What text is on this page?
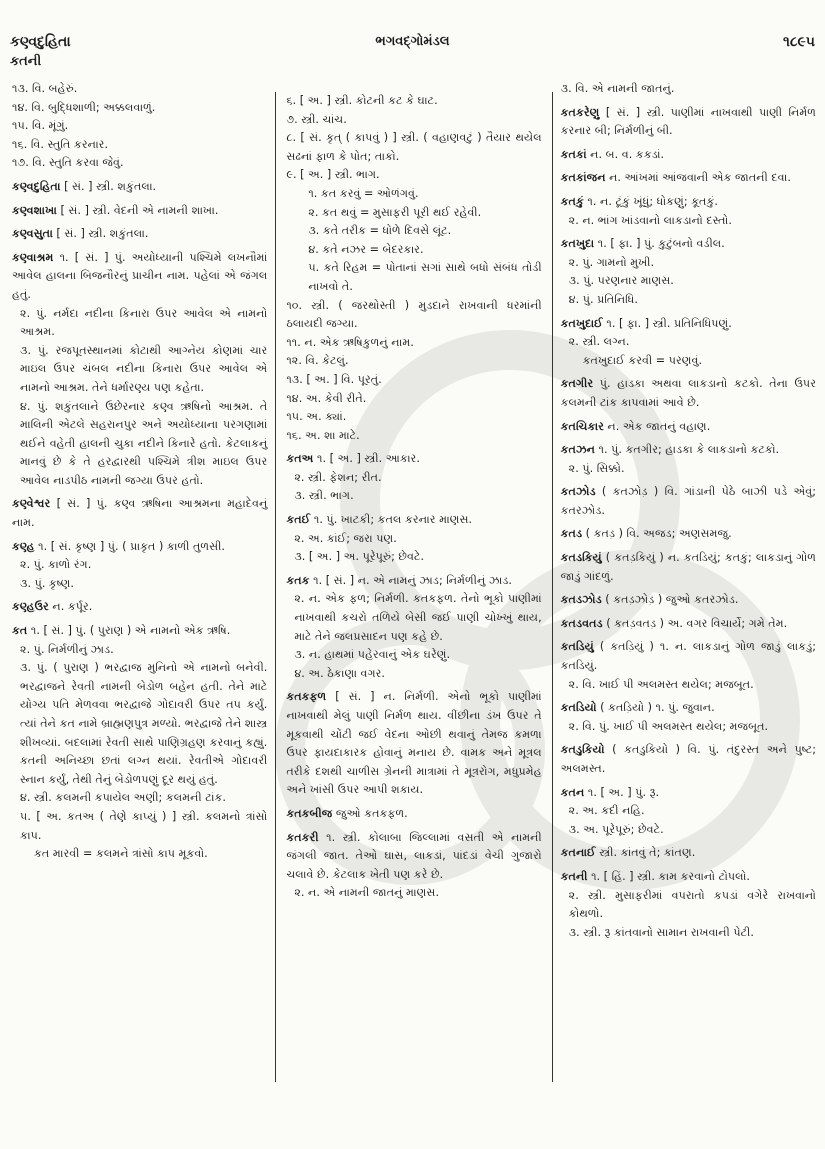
કણ્વદુહિતા	ભગવદ્ગોમંડલ	૧૮૯૫
કતની
૧૩. વિ. બહેરું.
૧૪. વિ. બુદ્ધિશાળી; અક્કલવાળું.
૧૫. વિ. મૂંગું.
૧૬. વિ. સ્તુતિ કરનાર.
૧૭. વિ. સ્તુતિ કરવા જેવું.
કણ્વદુહિતા [ સં. ] સ્ત્રી. શકુંતલા.
કણ્વશાખા [ સં. ] સ્ત્રી. વેદની એ નામની શાખા.
કણ્વસુતા [ સં. ] સ્ત્રી. શકુંતલા.
કણ્વાશ્રમ ૧. [ સં. ] પું. અયોધ્યાની પશ્ચિમે લખનૌમાં આવેલ હાલના બિજનૌરનું પ્રાચીન નામ. પહેલાં એ જંગલ હતું.
૨. પું. નર્મદા નદીના કિનારા ઉપર આવેલ એ નામનો આશ્રમ.
૩. પું. રજપૂતસ્થાનમાં કોટાથી આગ્નેય કોણમાં ચાર માઇલ ઉપર ચંબલ નદીના કિનારા ઉપર આવેલ એ નામનો આશ્રમ. તેને ધર્મારણ્ય પણ કહેતા.
૪. પું. શકુંતલાને ઉછેરનાર કણ્વ ઋષિનો આશ્રમ. તે માલિની એટલે સહરાનપુર અને અયોધ્યાના પરગણામાં થઈને વહેતી હાલની ચુકા નદીને કિનારે હતો. કેટલાકનું માનવું છે કે તે હરદ્વારથી પશ્ચિમે ત્રીશ માઇલ ઉપર આવેલ નાડપીઠ નામની જગ્યા ઉપર હતો.
કણ્વેશ્વર [ સં. ] પું. કણ્વ ઋષિના આશ્રમના મહાદેવનું નામ.
કણ્હ ૧. [ સં. કૃષ્ણ ] પું. ( પ્રાકૃત ) કાળી તુળસી.
૨. પું. કાળો રંગ.
૩. પું. કૃષ્ણ.
કણ્હઉર ન. કર્પૂર.
કત ૧. [ સં. ] પું. ( પુરાણ ) એ નામનો એક ઋષિ.
૨. પું. નિર્મળીનું ઝાડ.
૩. પું. ( પુરાણ ) ભરદ્વાજ મુનિનો એ નામનો બનેવી. ભરદ્વાજને રેવતી નામની બેડોળ બહેન હતી. તેને માટે યોગ્ય પતિ મેળવવા ભરદ્વાજે ગોદાવરી ઉપર તપ કર્યું. ત્યાં તેને કત નામે બ્રાહ્મણપુત્ર મળ્યો. ભરદ્વાજે તેને શાસ્ત્ર શીખવ્યાં. બદલામાં રેવતી સાથે પાણિગ્રહણ કરવાનું કહ્યું. કતની અનિચ્છા છતાં લગ્ન થયાં. રેવતીએ ગોદાવરી સ્નાન કર્યું, તેથી તેનું બેડોળપણું દૂર થયું હતું.
૪. સ્ત્રી. કલમની કપાયેલ અણી; કલમની ટાંક.
૫. [ અ. કતઅ ( તેણે કાપ્યું ) ] સ્ત્રી. કલમનો ત્રાંસો કાપ.
કત મારવી = કલમને ત્રાંસો કાપ મૂકવો.
૬. [ અ. ] સ્ત્રી. કોટની કટ કે ઘાટ.
૭. સ્ત્રી. ચાંચ.
૮. [ સં. કૃત્ ( કાપવું ) ] સ્ત્રી. ( વહાણવટું ) તૈયાર થયેલ સઢનાં ફાળ કે પોત; તાકો.
૯. [ અ. ] સ્ત્રી. ભાગ.
૧. કત કરવું = ઓળંગવું.
૨. કત થવું = મુસાફરી પૂરી થઈ રહેવી.
૩. કતે તરીક = ધોળે દિવસે લૂંટ.
૪. કતે નઝર = બેદરકાર.
૫. કતે રિહમ = પોતાનાં સગાં સાથે બધો સંબંધ તોડી નાખવો તે.
૧૦. સ્ત્રી. ( જરથોસ્તી ) મુડદાને રાખવાની ધરમાંની ઠલાયદી જગ્યા.
૧૧. ન. એક ઋષિકુળનું નામ.
૧૨. વિ. કેટલું.
૧૩. [ અ. ] વિ. પૂરતું.
૧૪. અ. કેવી રીતે.
૧૫. અ. ક્યાં.
૧૬. અ. શા માટે.
કતઅ ૧. [ અ. ] સ્ત્રી. આકાર.
૨. સ્ત્રી. ફેશન; રીત.
૩. સ્ત્રી. ભાગ.
કતઈ ૧. પું. ખાટકી; કતલ કરનાર માણસ.
૨. અ. કાંઈ; જરા પણ.
૩. [ અ. ] અ. પૂરેપૂરું; છેવટે.
કતક ૧. [ સં. ] ન. એ નામનું ઝાડ; નિર્મળીનું ઝાડ.
૨. ન. એક ફળ; નિર્મળી. કતકફળ. તેનો ભૂકો પાણીમાં નાખવાથી કચરો તળિયે બેસી જઈ પાણી ચોખ્ખું થાય, માટે તેને જલપ્રસાદન પણ કહે છે.
૩. ન. હાથમાં પહેરવાનું એક ઘરેણું.
૪. અ. ઠેકાણા વગર.
કતકફળ [ સં. ] ન. નિર્મળી. એનો ભૂકો પાણીમાં નાખવાથી મેલું પાણી નિર્મળ થાય. વીંછીના ડંખ ઉપર તે મૂકવાથી ચોંટી જઈ વેદના ઓછી થવાનું તેમજ કમળા ઉપર ફાયદાકારક હોવાનું મનાય છે. વામક અને મૂત્રલ તરીકે દશથી ચાળીસ ગ્રેનની માત્રામાં તે મૂત્રરોગ, મધુપ્રમેહ અને ખાંસી ઉપર આપી શકાય.
કતકબીજ જુઓ કતકફળ.
કતકરી ૧. સ્ત્રી. કોલાબા જિલ્લામાં વસતી એ નામની જંગલી જાત. તેઓ ઘાસ, લાકડાં, પાંદડાં વેચી ગુજારો ચલાવે છે. કેટલાક ખેતી પણ કરે છે.
૨. ન. એ નામની જાતનું માણસ.
૩. વિ. એ નામની જાતનું.
કતકરેણુ [ સં. ] સ્ત્રી. પાણીમાં નાખવાથી પાણી નિર્મળ કરનાર બી; નિર્મળીનું બી.
કતકાં ન. બ. વ. કકડાં.
કતકાંજન ન. આંખમાં આંજવાની એક જાતની દવા.
કતકું ૧. ન. ટૂંકું ખૂંધું; ધોકણું; કૂતકું.
૨. ન. ભાંગ ખાંડવાનો લાકડાનો દસ્તો.
કતખુદા ૧. [ ફા. ] પું. કુટુંબનો વડીલ.
૨. પું. ગામનો મુખી.
૩. પું. પરણનાર માણસ.
૪. પું. પ્રતિનિધિ.
કતખુદાઈ ૧. [ ફા. ] સ્ત્રી. પ્રતિનિધિપણું.
૨. સ્ત્રી. લગ્ન.
કતખુદાઈ કરવી = પરણવું.
કતગીર પું. હાડકા અથવા લાકડાનો કટકો. તેના ઉપર કલમની ટાંક કાપવામાં આવે છે.
કતચિકાર ન. એક જાતનું વહાણ.
કતઝન ૧. પું. કતગીર; હાડકા કે લાકડાનો કટકો.
૨. પું. સિક્કો.
કતઝોડ ( કતઝોડ઼ ) વિ. ગાંડાની પેઠે બાઝી પડે એવું; કતરઝોડ.
કતડ ( કતડ઼ ) વિ. અજડ; અણસમજુ.
કતડકિયું ( કતડ઼કિયું ) ન. કતડિયું; કતકું; લાકડાનું ગોળ જાડું ગાંદળું.
કતડઝોડ ( કતડ઼ઝોડ઼ ) જુઓ કતરઝોડ.
કતડવતડ ( કતડ઼વતડ઼ ) અ. વગર વિચાર્યે; ગમે તેમ.
કતડિયું ( કતડ઼િયું ) ૧. ન. લાકડાનું ગોળ જાડું લાકડું; કતડિયું.
૨. વિ. ખાઈ પી અલમસ્ત થયેલ; મજબૂત.
કતડિયો ( કતડ઼િયો ) ૧. પું. જુવાન.
૨. વિ. પું. ખાઈ પી અલમસ્ત થયેલ; મજબૂત.
કતડુકિયો ( કતડ઼ુકિયો ) વિ. પું. તંદુરસ્ત અને પુષ્ટ; અલમસ્ત.
કતન ૧. [ અ. ] પું. રૂ.
૨. અ. કદી નહિ.
૩. અ. પૂરેપૂરું; છેવટે.
કતનાઈ સ્ત્રી. કાંતવું તે; કાંતણ.
કતની ૧. [ હિં. ] સ્ત્રી. કામ કરવાનો ટોપલો.
૨. સ્ત્રી. મુસાફરીમાં વપરાતો કપડાં વગેરે રાખવાનો કોથળો.
૩. સ્ત્રી. રૂ કાંતવાનો સામાન રાખવાની પેટી.
